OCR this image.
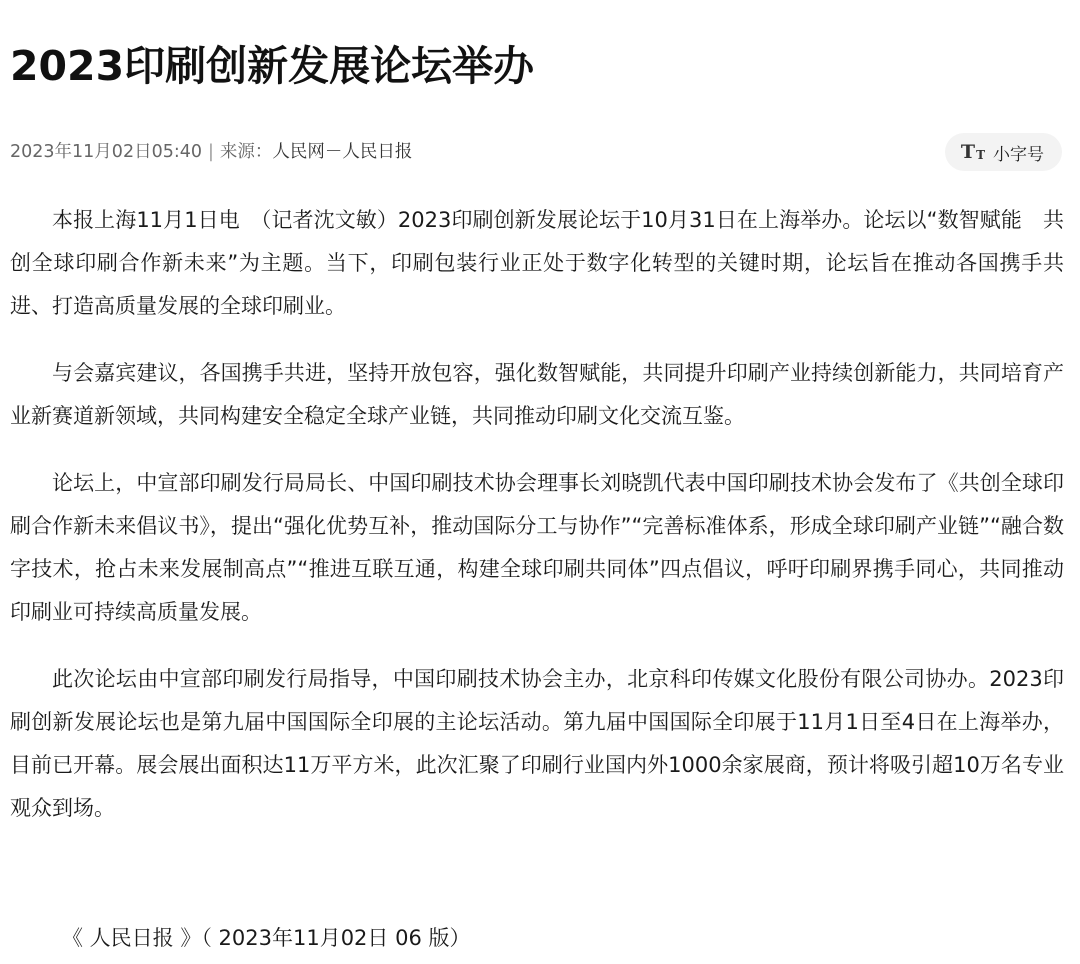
2023印刷创新发展论坛举办
2023年11月02日05:40 | 来源：人民网－人民日报	T T 小字号

本报上海11月1日电　（记者沈文敏）2023印刷创新发展论坛于10月31日在上海举办。论坛以“数智赋能　共创全球印刷合作新未来”为主题。当下，印刷包装行业正处于数字化转型的关键时期，论坛旨在推动各国携手共进、打造高质量发展的全球印刷业。

与会嘉宾建议，各国携手共进，坚持开放包容，强化数智赋能，共同提升印刷产业持续创新能力，共同培育产业新赛道新领域，共同构建安全稳定全球产业链，共同推动印刷文化交流互鉴。

论坛上，中宣部印刷发行局局长、中国印刷技术协会理事长刘晓凯代表中国印刷技术协会发布了《共创全球印刷合作新未来倡议书》，提出“强化优势互补，推动国际分工与协作”“完善标准体系，形成全球印刷产业链”“融合数字技术，抢占未来发展制高点”“推进互联互通，构建全球印刷共同体”四点倡议，呼吁印刷界携手同心，共同推动印刷业可持续高质量发展。

此次论坛由中宣部印刷发行局指导，中国印刷技术协会主办，北京科印传媒文化股份有限公司协办。2023印刷创新发展论坛也是第九届中国国际全印展的主论坛活动。第九届中国国际全印展于11月1日至4日在上海举办，目前已开幕。展会展出面积达11万平方米，此次汇聚了印刷行业国内外1000余家展商，预计将吸引超10万名专业观众到场。

《 人民日报 》（ 2023年11月02日 06 版）
